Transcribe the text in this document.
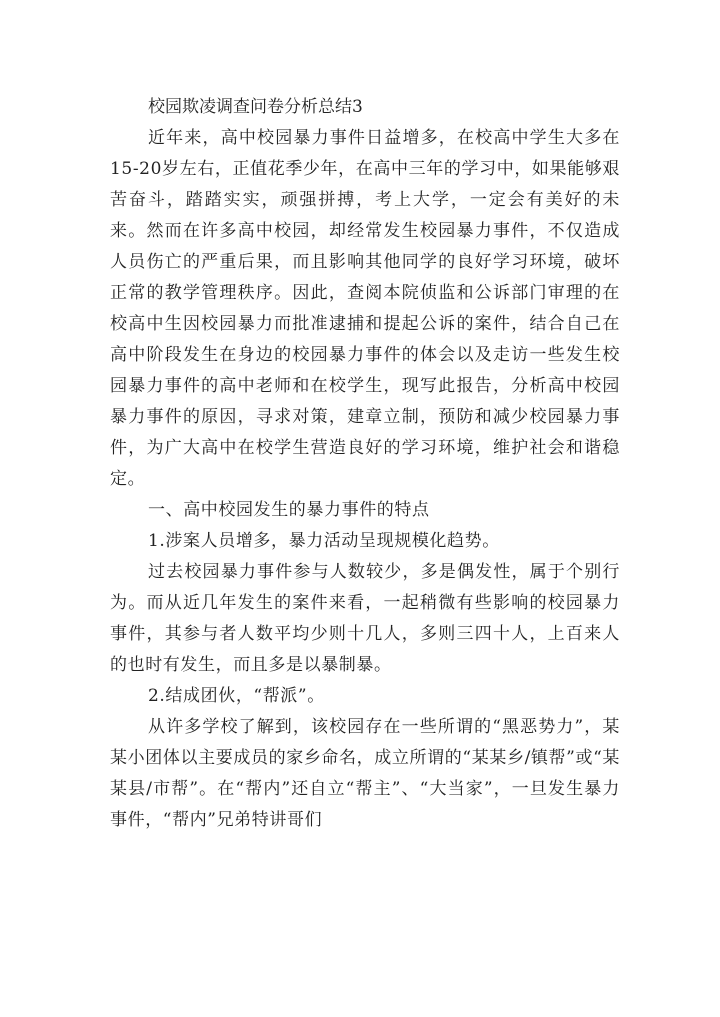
校园欺凌调查问卷分析总结3

近年来，高中校园暴力事件日益增多，在校高中学生大多在15-20岁左右，正值花季少年，在高中三年的学习中，如果能够艰苦奋斗，踏踏实实，顽强拼搏，考上大学，一定会有美好的未来。然而在许多高中校园，却经常发生校园暴力事件，不仅造成人员伤亡的严重后果，而且影响其他同学的良好学习环境，破坏正常的教学管理秩序。因此，查阅本院侦监和公诉部门审理的在校高中生因校园暴力而批准逮捕和提起公诉的案件，结合自己在高中阶段发生在身边的校园暴力事件的体会以及走访一些发生校园暴力事件的高中老师和在校学生，现写此报告，分析高中校园暴力事件的原因，寻求对策，建章立制，预防和减少校园暴力事件，为广大高中在校学生营造良好的学习环境，维护社会和谐稳定。

一、高中校园发生的暴力事件的特点

1.涉案人员增多，暴力活动呈现规模化趋势。

过去校园暴力事件参与人数较少，多是偶发性，属于个别行为。而从近几年发生的案件来看，一起稍微有些影响的校园暴力事件，其参与者人数平均少则十几人，多则三四十人，上百来人的也时有发生，而且多是以暴制暴。

2.结成团伙，“帮派”。

从许多学校了解到，该校园存在一些所谓的“黑恶势力”，某某小团体以主要成员的家乡命名，成立所谓的“某某乡/镇帮”或“某某县/市帮”。在“帮内”还自立“帮主”、“大当家”，一旦发生暴力事件，“帮内”兄弟特讲哥们
